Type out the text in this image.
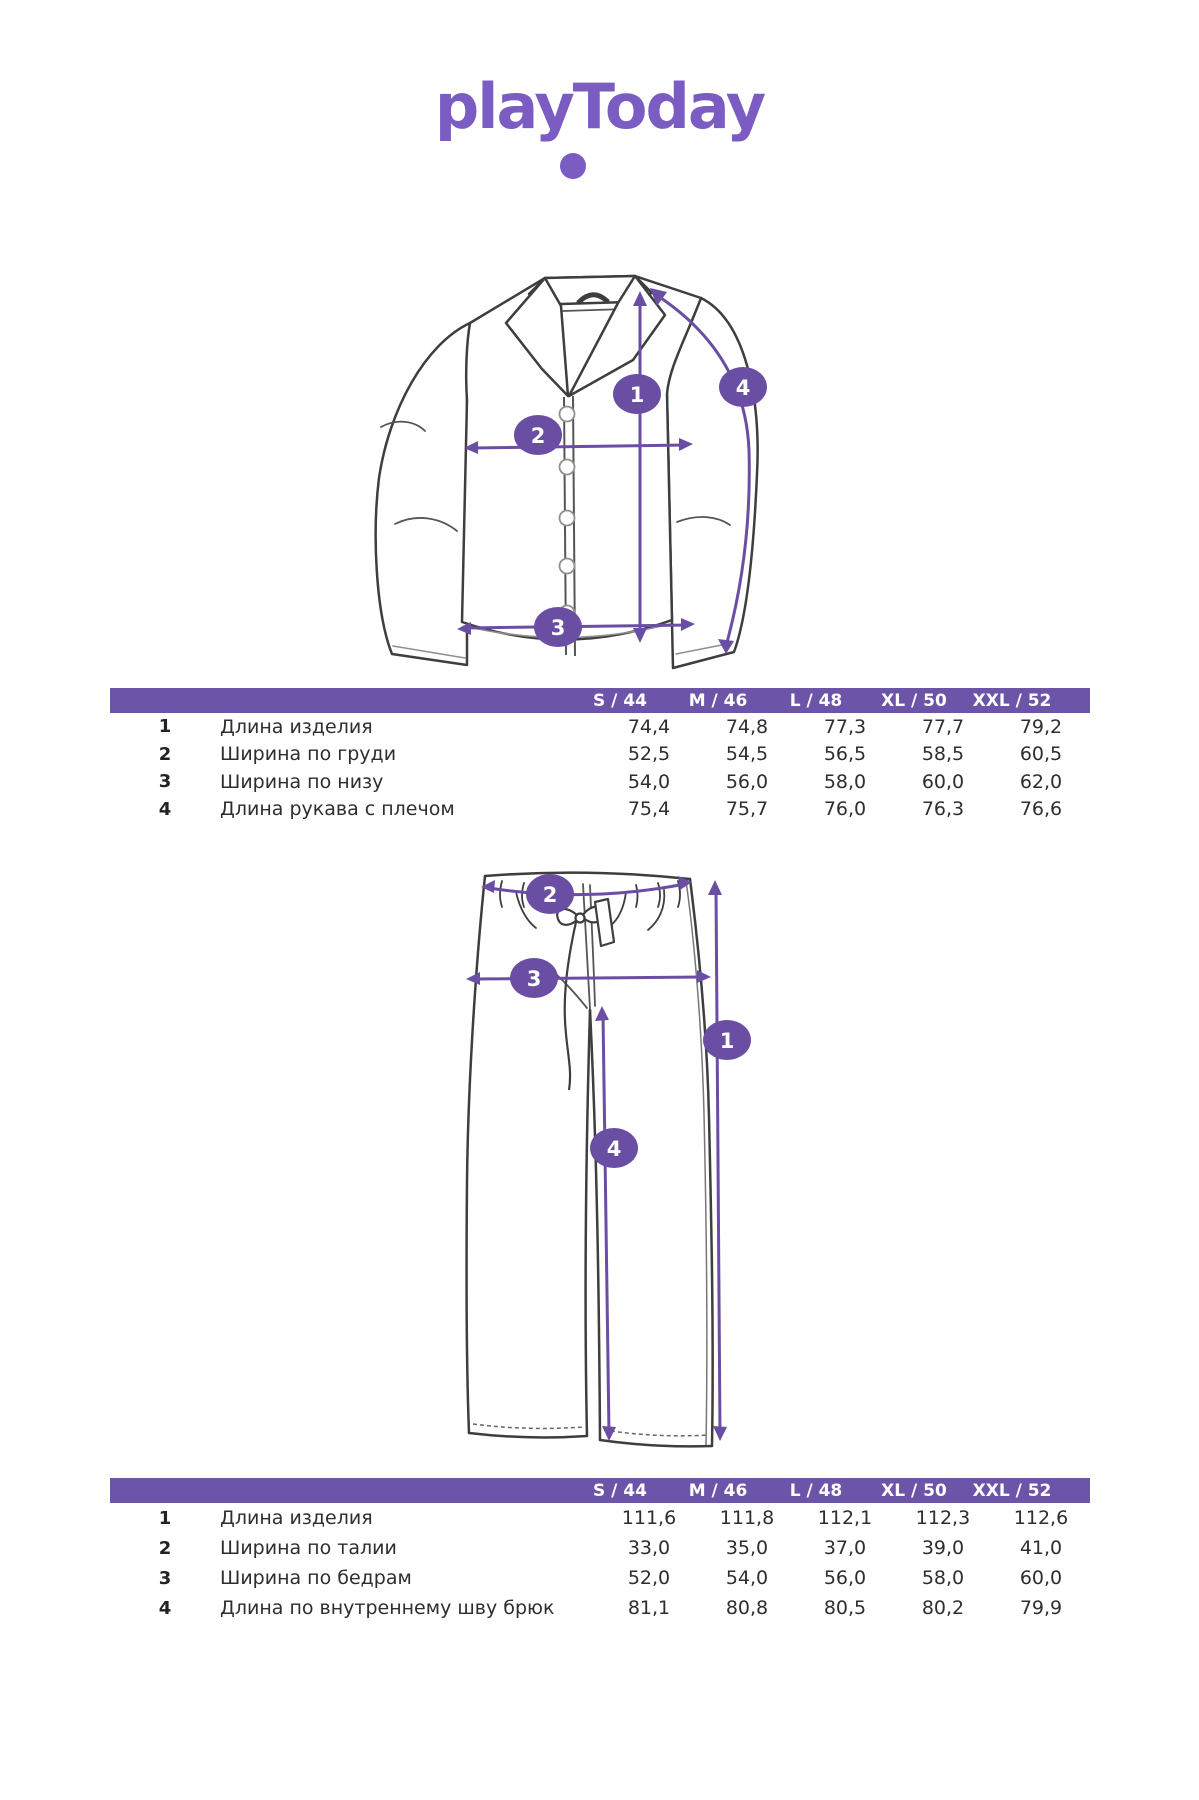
playToday
1
2
3
4
S / 44	M / 46	L / 48	XL / 50	XXL / 52
1	Длина изделия	74,4	74,8	77,3	77,7	79,2
2	Ширина по груди	52,5	54,5	56,5	58,5	60,5
3	Ширина по низу	54,0	56,0	58,0	60,0	62,0
4	Длина рукава с плечом	75,4	75,7	76,0	76,3	76,6
2
3
1
4
S / 44	M / 46	L / 48	XL / 50	XXL / 52
1	Длина изделия	111,6	111,8	112,1	112,3	112,6
2	Ширина по талии	33,0	35,0	37,0	39,0	41,0
3	Ширина по бедрам	52,0	54,0	56,0	58,0	60,0
4	Длина по внутреннему шву брюк	81,1	80,8	80,5	80,2	79,9
